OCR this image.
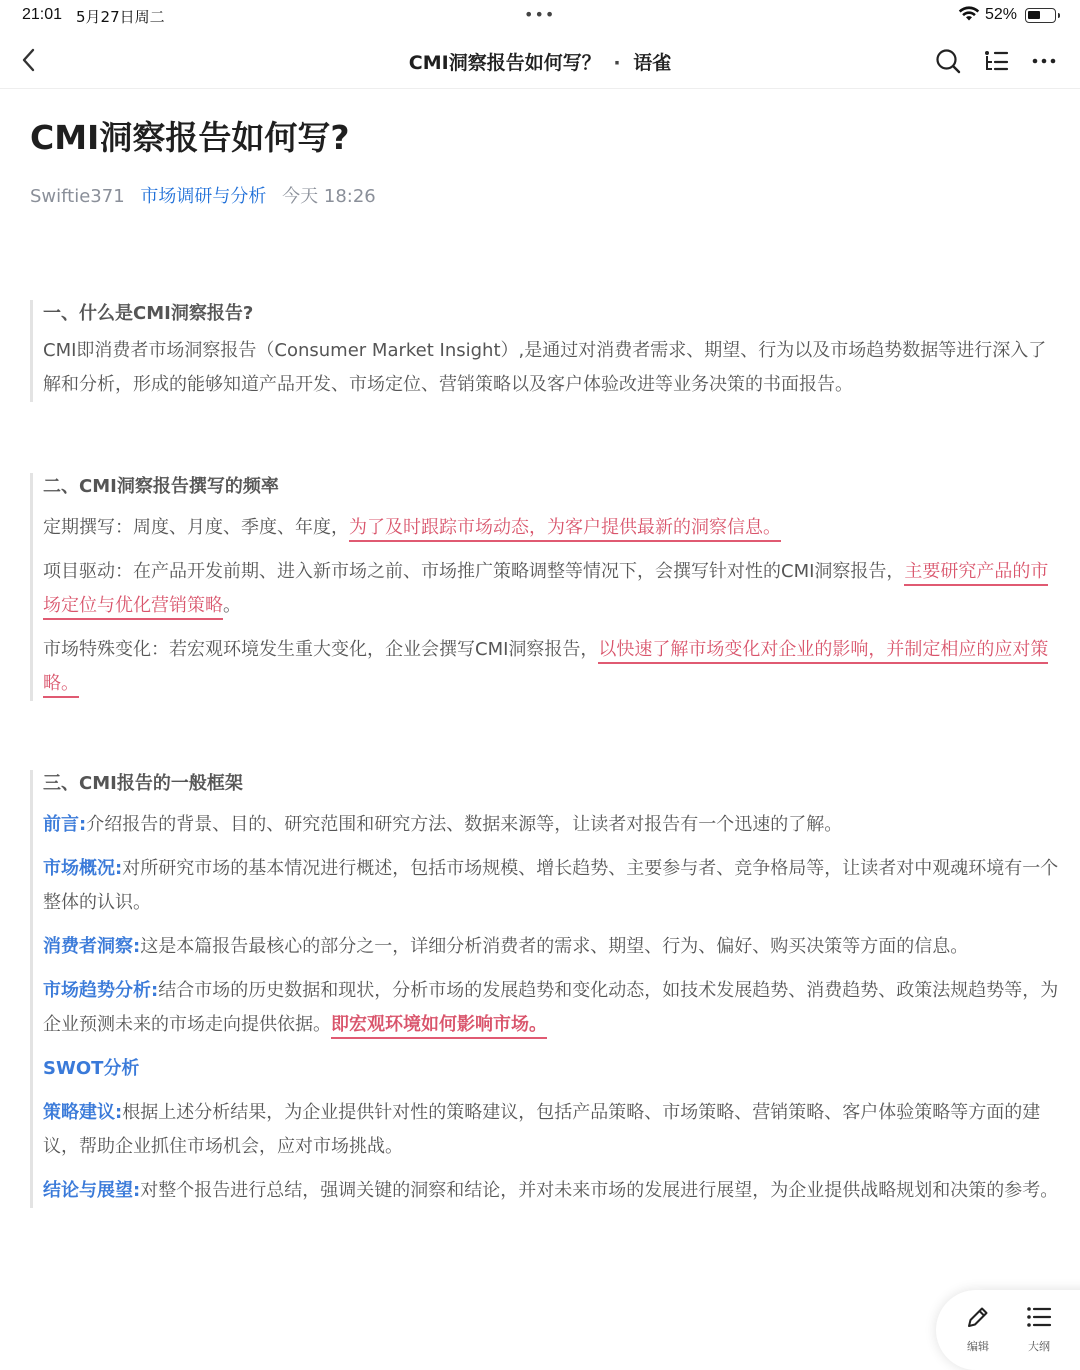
21:01 5月27日周二	•••	52%
CMI洞察报告如何写？ · 语雀
CMI洞察报告如何写?
Swiftie371 市场调研与分析 今天 18:26
一、什么是CMI洞察报告?

CMI即消费者市场洞察报告（Consumer Market Insight）,是通过对消费者需求、期望、行为以及市场趋势数据等进行深入了解和分析，形成的能够知道产品开发、市场定位、营销策略以及客户体验改进等业务决策的书面报告。

二、CMI洞察报告撰写的频率

定期撰写：周度、月度、季度、年度，为了及时跟踪市场动态，为客户提供最新的洞察信息。

项目驱动：在产品开发前期、进入新市场之前、市场推广策略调整等情况下，会撰写针对性的CMI洞察报告，主要研究产品的市场定位与优化营销策略。

市场特殊变化：若宏观环境发生重大变化，企业会撰写CMI洞察报告，以快速了解市场变化对企业的影响，并制定相应的应对策略。

三、CMI报告的一般框架

前言:介绍报告的背景、目的、研究范围和研究方法、数据来源等，让读者对报告有一个迅速的了解。

市场概况:对所研究市场的基本情况进行概述，包括市场规模、增长趋势、主要参与者、竞争格局等，让读者对中观魂环境有一个整体的认识。

消费者洞察:这是本篇报告最核心的部分之一，详细分析消费者的需求、期望、行为、偏好、购买决策等方面的信息。

市场趋势分析:结合市场的历史数据和现状，分析市场的发展趋势和变化动态，如技术发展趋势、消费趋势、政策法规趋势等，为企业预测未来的市场走向提供依据。即宏观环境如何影响市场。

SWOT分析

策略建议:根据上述分析结果，为企业提供针对性的策略建议，包括产品策略、市场策略、营销策略、客户体验策略等方面的建议，帮助企业抓住市场机会，应对市场挑战。

结论与展望:对整个报告进行总结，强调关键的洞察和结论，并对未来市场的发展进行展望，为企业提供战略规划和决策的参考。

编辑	大纲
